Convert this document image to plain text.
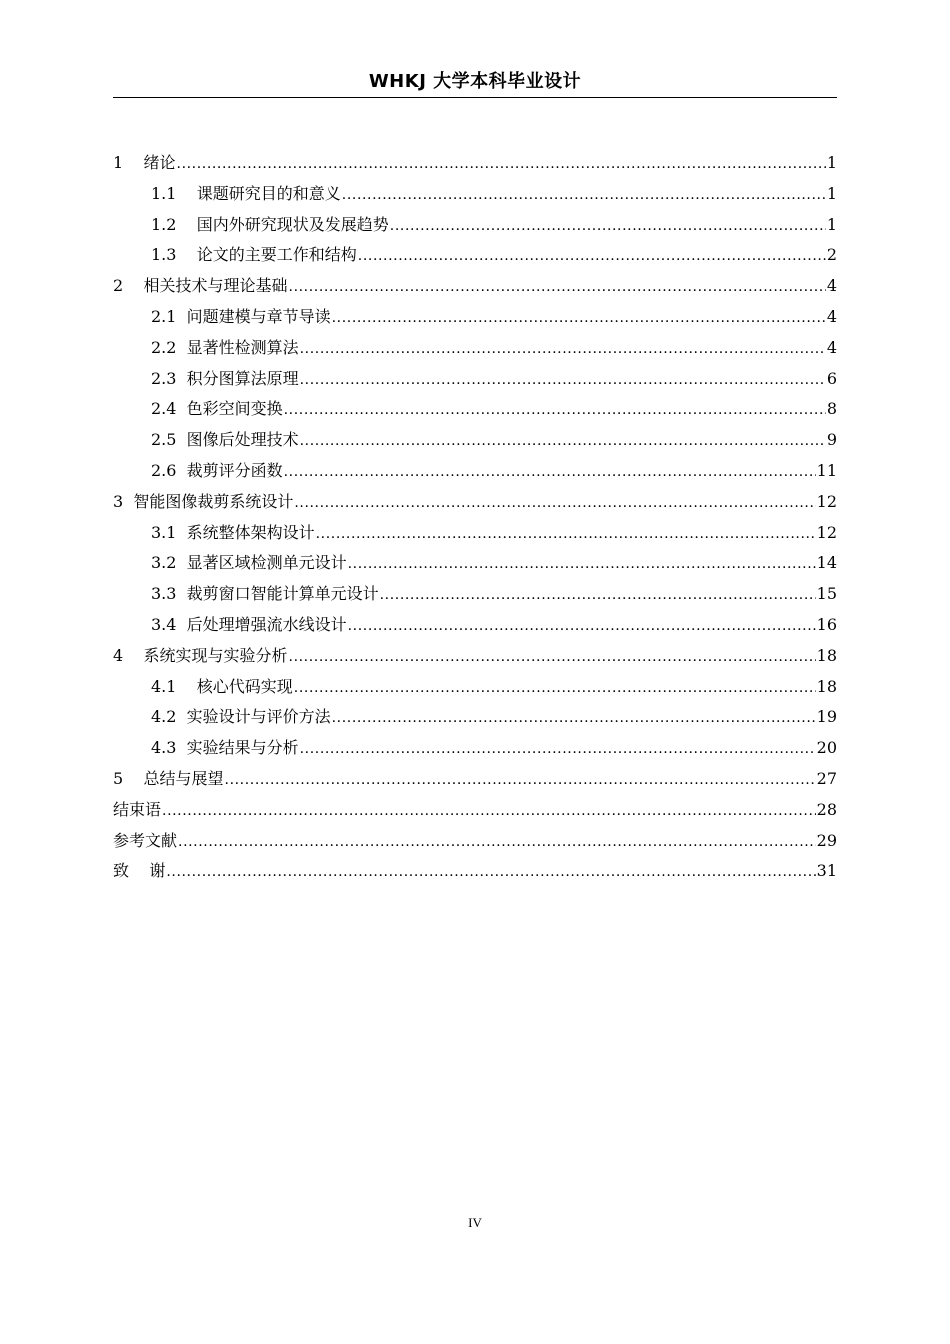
WHKJ 大学本科毕业设计
1    绪论 .....	1
1.1    课题研究目的和意义 .....	1
1.2    国内外研究现状及发展趋势 .....	1
1.3    论文的主要工作和结构 .....	2
2    相关技术与理论基础 .....	4
2.1  问题建模与章节导读 .....	4
2.2  显著性检测算法 .....	4
2.3  积分图算法原理 .....	6
2.4  色彩空间变换 .....	8
2.5  图像后处理技术 .....	9
2.6  裁剪评分函数 .....	11
3  智能图像裁剪系统设计 .....	12
3.1  系统整体架构设计 .....	12
3.2  显著区域检测单元设计 .....	14
3.3  裁剪窗口智能计算单元设计 .....	15
3.4  后处理增强流水线设计 .....	16
4    系统实现与实验分析 .....	18
4.1    核心代码实现 .....	18
4.2  实验设计与评价方法 .....	19
4.3  实验结果与分析 .....	20
5    总结与展望 .....	27
结束语 .....	28
参考文献 .....	29
致    谢 .....	31
IV
